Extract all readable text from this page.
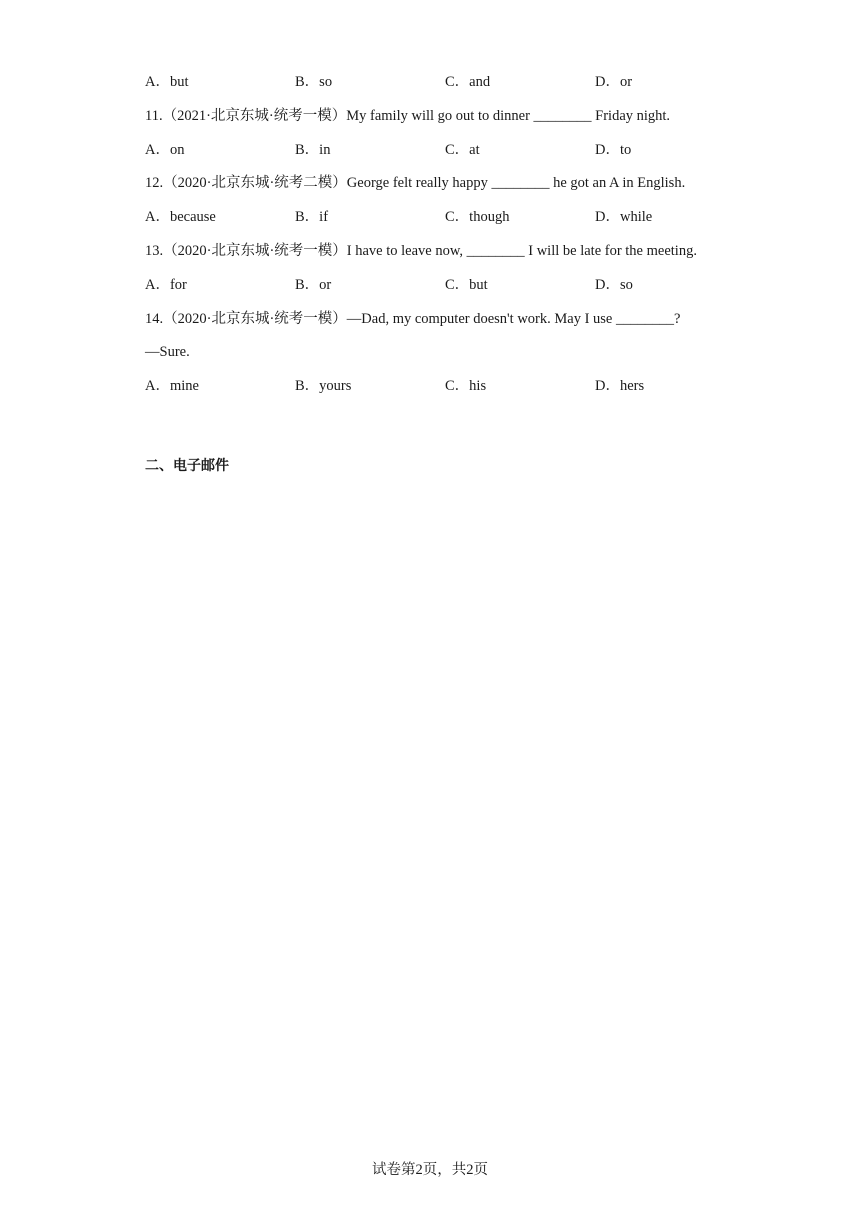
A．but	B．so	C．and	D．or
11.（2021·北京东城·统考一模）My family will go out to dinner ________ Friday night.
A．on	B．in	C．at	D．to
12.（2020·北京东城·统考二模）George felt really happy ________ he got an A in English.
A．because	B．if	C．though	D．while
13.（2020·北京东城·统考一模）I have to leave now, ________ I will be late for the meeting.
A．for	B．or	C．but	D．so
14.（2020·北京东城·统考一模）—Dad, my computer doesn't work. May I use ________?
—Sure.
A．mine	B．yours	C．his	D．hers
二、电子邮件
试卷第2页，共2页
